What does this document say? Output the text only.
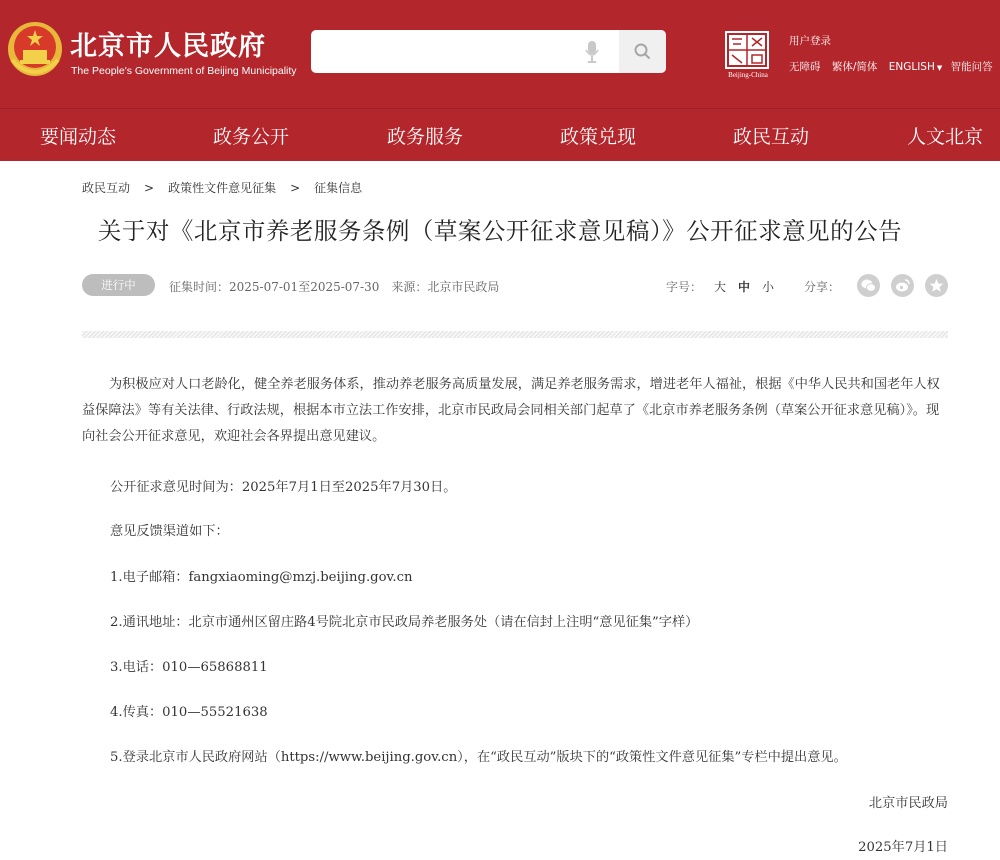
北京市人民政府
The People's Government of Beijing Municipality	Beijing-China
用户登录
无障碍 繁体/简体 ENGLISH ▼ 智能问答
要闻动态	政务公开	政务服务	政策兑现	政民互动	人文北京
政民互动 > 政策性文件意见征集 > 征集信息
关于对《北京市养老服务条例（草案公开征求意见稿）》公开征求意见的公告
进行中	征集时间：2025-07-01至2025-07-30 来源：北京市民政局	字号： 大 中 小 分享：

为积极应对人口老龄化，健全养老服务体系，推动养老服务高质量发展，满足养老服务需求，增进老年人福祉，根据《中华人民共和国老年人权益保障法》等有关法律、行政法规，根据本市立法工作安排，北京市民政局会同相关部门起草了《北京市养老服务条例（草案公开征求意见稿）》。现向社会公开征求意见，欢迎社会各界提出意见建议。

公开征求意见时间为：2025年7月1日至2025年7月30日。
意见反馈渠道如下：
1.电子邮箱：fangxiaoming@mzj.beijing.gov.cn
2.通讯地址：北京市通州区留庄路4号院北京市民政局养老服务处（请在信封上注明“意见征集”字样）
3.电话：010—65868811
4.传真：010—55521638
5.登录北京市人民政府网站（https://www.beijing.gov.cn），在“政民互动”版块下的“政策性文件意见征集”专栏中提出意见。
北京市民政局
2025年7月1日
